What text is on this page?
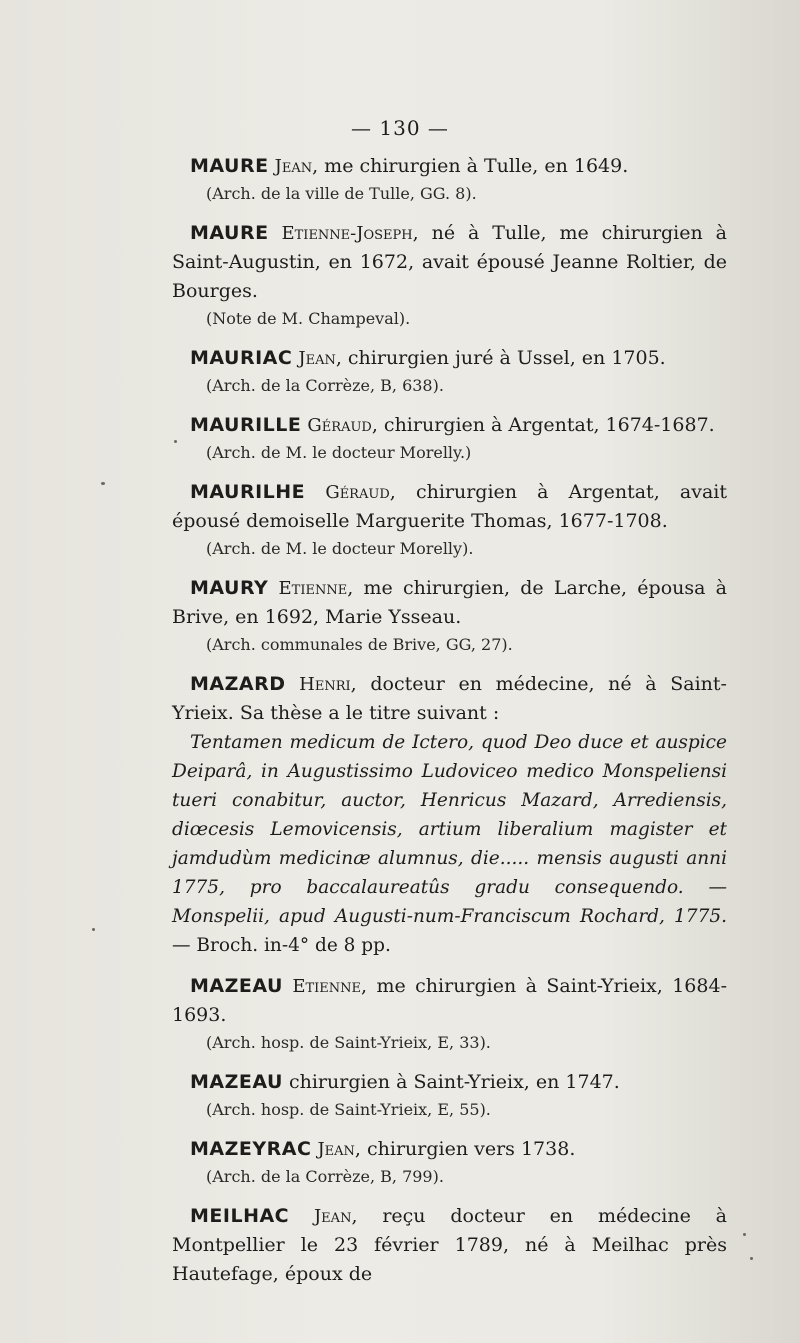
— 130 —
MAURE Jean, me chirurgien à Tulle, en 1649.
(Arch. de la ville de Tulle, GG. 8).
MAURE Etienne-Joseph, né à Tulle, me chirurgien à Saint-Augustin, en 1672, avait épousé Jeanne Roltier, de Bourges.
(Note de M. Champeval).
MAURIAC Jean, chirurgien juré à Ussel, en 1705.
(Arch. de la Corrèze, B, 638).
MAURILLE Géraud, chirurgien à Argentat, 1674-1687.
(Arch. de M. le docteur Morelly.)
MAURILHE Géraud, chirurgien à Argentat, avait épousé demoiselle Marguerite Thomas, 1677-1708.
(Arch. de M. le docteur Morelly).
MAURY Etienne, me chirurgien, de Larche, épousa à Brive, en 1692, Marie Ysseau.
(Arch. communales de Brive, GG, 27).
MAZARD Henri, docteur en médecine, né à Saint-Yrieix. Sa thèse a le titre suivant :
Tentamen medicum de Ictero, quod Deo duce et auspice Deiparâ, in Augustissimo Ludoviceo medico Monspeliensi tueri conabitur, auctor, Henricus Mazard, Arrediensis, diœcesis Lemovicensis, artium liberalium magister et jamdudùm medicinæ alumnus, die..... mensis augusti anni 1775, pro baccalaureatûs gradu consequendo. — Monspelii, apud Augusti-num-Franciscum Rochard, 1775. — Broch. in-4° de 8 pp.
MAZEAU Etienne, me chirurgien à Saint-Yrieix, 1684-1693.
(Arch. hosp. de Saint-Yrieix, E, 33).
MAZEAU chirurgien à Saint-Yrieix, en 1747.
(Arch. hosp. de Saint-Yrieix, E, 55).
MAZEYRAC Jean, chirurgien vers 1738.
(Arch. de la Corrèze, B, 799).
MEILHAC Jean, reçu docteur en médecine à Montpellier le 23 février 1789, né à Meilhac près Hautefage, époux de
